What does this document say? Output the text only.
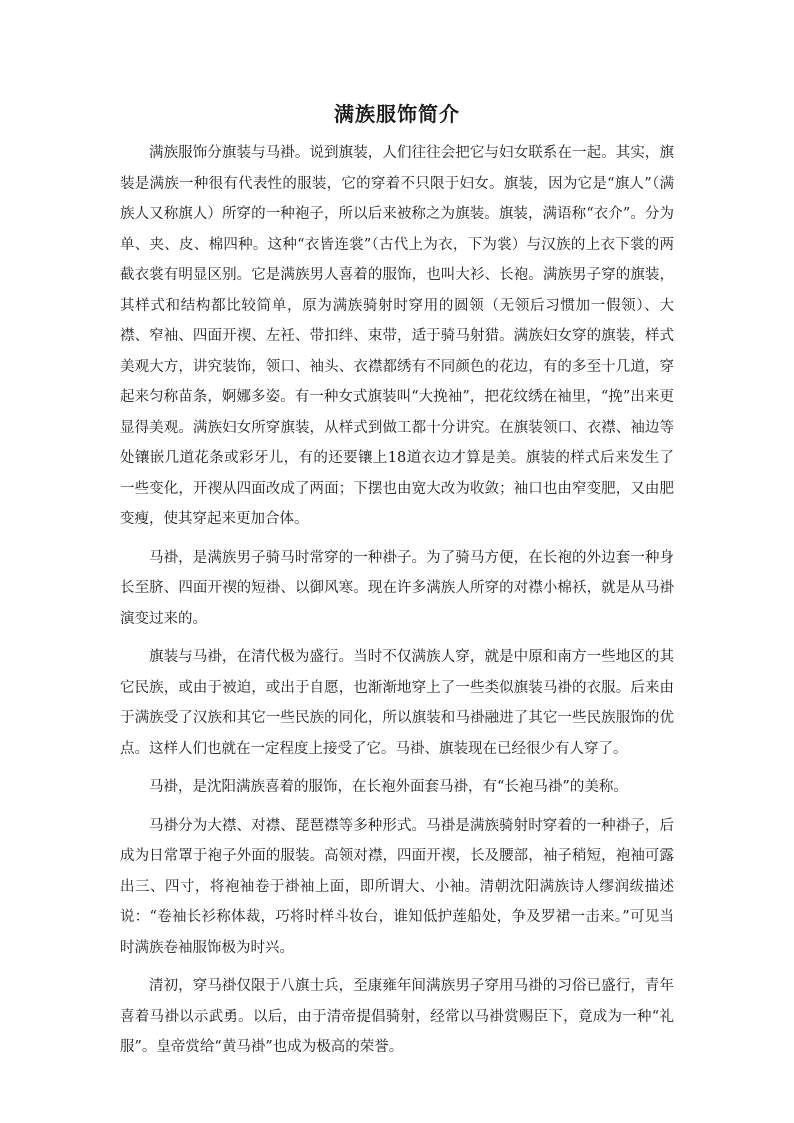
满族服饰简介

满族服饰分旗装与马褂。说到旗装，人们往往会把它与妇女联系在一起。其实，旗装是满族一种很有代表性的服装，它的穿着不只限于妇女。旗装，因为它是“旗人”（满族人又称旗人）所穿的一种袍子，所以后来被称之为旗装。旗装，满语称“衣介”。分为单、夹、皮、棉四种。这种“衣皆连裳”（古代上为衣，下为裳）与汉族的上衣下裳的两截衣裳有明显区别。它是满族男人喜着的服饰，也叫大衫、长袍。满族男子穿的旗装，其样式和结构都比较简单，原为满族骑射时穿用的圆领（无领后习惯加一假领）、大襟、窄袖、四面开禊、左衽、带扣绊、束带，适于骑马射猎。满族妇女穿的旗装，样式美观大方，讲究装饰，领口、袖头、衣襟都绣有不同颜色的花边，有的多至十几道，穿起来匀称苗条，婀娜多姿。有一种女式旗装叫“大挽袖”，把花纹绣在袖里，“挽”出来更显得美观。满族妇女所穿旗装，从样式到做工都十分讲究。在旗装领口、衣襟、袖边等处镶嵌几道花条或彩牙儿，有的还要镶上18道衣边才算是美。旗装的样式后来发生了一些变化，开禊从四面改成了两面；下摆也由宽大改为收敛；袖口也由窄变肥，又由肥变瘦，使其穿起来更加合体。

马褂，是满族男子骑马时常穿的一种褂子。为了骑马方便，在长袍的外边套一种身长至脐、四面开禊的短褂、以御风寒。现在许多满族人所穿的对襟小棉袄，就是从马褂演变过来的。

旗装与马褂，在清代极为盛行。当时不仅满族人穿，就是中原和南方一些地区的其它民族，或由于被迫，或出于自愿，也渐渐地穿上了一些类似旗装马褂的衣服。后来由于满族受了汉族和其它一些民族的同化，所以旗装和马褂融进了其它一些民族服饰的优点。这样人们也就在一定程度上接受了它。马褂、旗装现在已经很少有人穿了。

马褂，是沈阳满族喜着的服饰，在长袍外面套马褂，有“长袍马褂”的美称。

马褂分为大襟、对襟、琵琶襟等多种形式。马褂是满族骑射时穿着的一种褂子，后成为日常罩于袍子外面的服装。高领对襟，四面开禊，长及腰部，袖子稍短，袍袖可露出三、四寸，将袍袖卷于褂袖上面，即所谓大、小袖。清朝沈阳满族诗人缪润绂描述说：“卷袖长衫称体裁，巧将时样斗妆台，谁知低护莲船处，争及罗裙一击来。”可见当时满族卷袖服饰极为时兴。

清初，穿马褂仅限于八旗士兵，至康雍年间满族男子穿用马褂的习俗已盛行，青年喜着马褂以示武勇。以后，由于清帝提倡骑射，经常以马褂赏赐臣下，竟成为一种“礼服”。皇帝赏给“黄马褂”也成为极高的荣誉。
